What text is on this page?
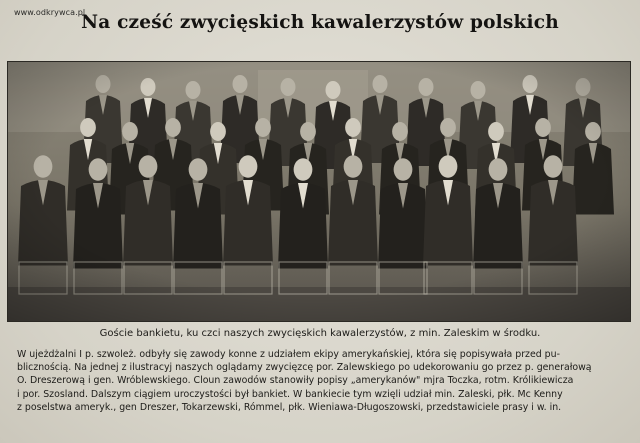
www.odkrywca.pl
Na cześć zwycięskich kawalerzystów polskich
Goście bankietu, ku czci naszych zwycięskich kawalerzystów, z min. Zaleskim w środku.

W ujeżdżalni I p. szwoleż. odbyły się zawody konne z udziałem ekipy amerykańskiej, która się popisywała przed pu-

blicznością. Na jednej z ilustracyj naszych oglądamy zwycięzcę por. Zalewskiego po udekorowaniu go przez p. generałową

O. Dreszerową i gen. Wróblewskiego. Cloun zawodów stanowiły popisy „amerykanów" mjra Toczka, rotm. Królikiewicza

i por. Szosland. Dalszym ciągiem uroczystości był bankiet. W bankiecie tym wzięli udział min. Zaleski, płk. Mc Kenny

z poselstwa ameryk., gen Dreszer, Tokarzewski, Rómmel, płk. Wieniawa-Długoszowski, przedstawiciele prasy i w. in.
